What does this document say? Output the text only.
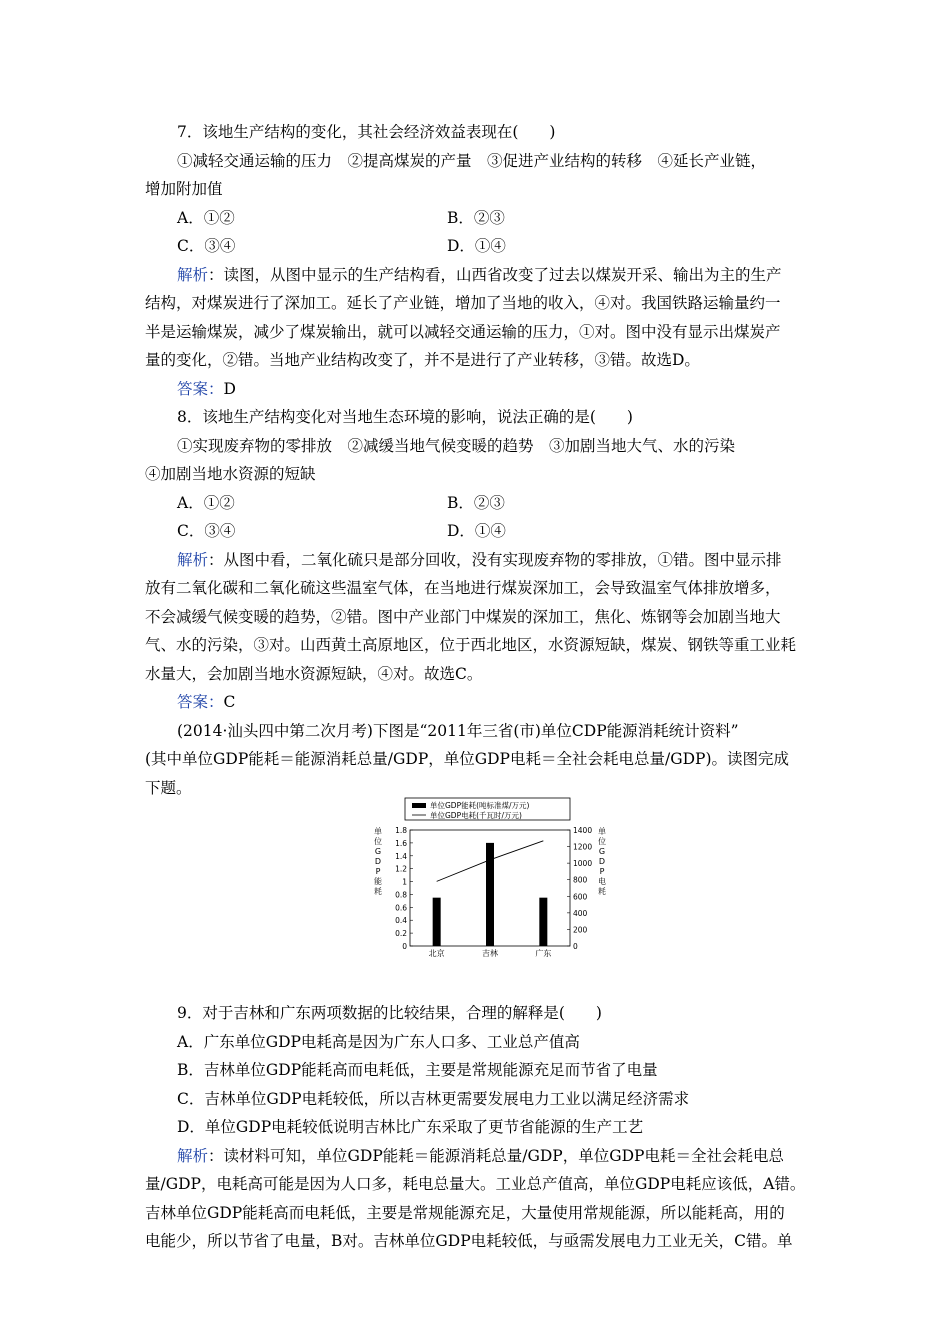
7．该地生产结构的变化，其社会经济效益表现在(　　)
①减轻交通运输的压力　②提高煤炭的产量　③促进产业结构的转移　④延长产业链，
增加附加值
A．①②	B．②③
C．③④	D．①④
解析：读图，从图中显示的生产结构看，山西省改变了过去以煤炭开采、输出为主的生产
结构，对煤炭进行了深加工。延长了产业链，增加了当地的收入，④对。我国铁路运输量约一
半是运输煤炭，减少了煤炭输出，就可以减轻交通运输的压力，①对。图中没有显示出煤炭产
量的变化，②错。当地产业结构改变了，并不是进行了产业转移，③错。故选D。
答案：D
8．该地生产结构变化对当地生态环境的影响，说法正确的是(　　)
①实现废弃物的零排放　②减缓当地气候变暖的趋势　③加剧当地大气、水的污染
④加剧当地水资源的短缺
A．①②	B．②③
C．③④	D．①④
解析：从图中看，二氧化硫只是部分回收，没有实现废弃物的零排放，①错。图中显示排
放有二氧化碳和二氧化硫这些温室气体，在当地进行煤炭深加工，会导致温室气体排放增多，
不会减缓气候变暖的趋势，②错。图中产业部门中煤炭的深加工，焦化、炼钢等会加剧当地大
气、水的污染，③对。山西黄土高原地区，位于西北地区，水资源短缺，煤炭、钢铁等重工业耗
水量大，会加剧当地水资源短缺，④对。故选C。
答案：C
(2014·汕头四中第二次月考)下图是“2011年三省(市)单位CDP能源消耗统计资料”
(其中单位GDP能耗＝能源消耗总量/GDP，单位GDP电耗＝全社会耗电总量/GDP)。读图完成
下题。
9．对于吉林和广东两项数据的比较结果，合理的解释是(　　)
A．广东单位GDP电耗高是因为广东人口多、工业总产值高
B．吉林单位GDP能耗高而电耗低，主要是常规能源充足而节省了电量
C．吉林单位GDP电耗较低，所以吉林更需要发展电力工业以满足经济需求
D．单位GDP电耗较低说明吉林比广东采取了更节省能源的生产工艺
解析：读材料可知，单位GDP能耗＝能源消耗总量/GDP，单位GDP电耗＝全社会耗电总
量/GDP，电耗高可能是因为人口多，耗电总量大。工业总产值高，单位GDP电耗应该低，A错。
吉林单位GDP能耗高而电耗低，主要是常规能源充足，大量使用常规能源，所以能耗高，用的
电能少，所以节省了电量，B对。吉林单位GDP电耗较低，与亟需发展电力工业无关，C错。单
单位GDP能耗(吨标准煤/万元)
单位GDP电耗(千瓦时/万元)
0
0.2
0.4
0.6
0.8
1
1.2
1.4
1.6
1.8
0
200
400
600
800
1000
1200
1400
北京	吉林	广东
单
位
G
D
P
能
耗
单
位
G
D
P
电
耗
